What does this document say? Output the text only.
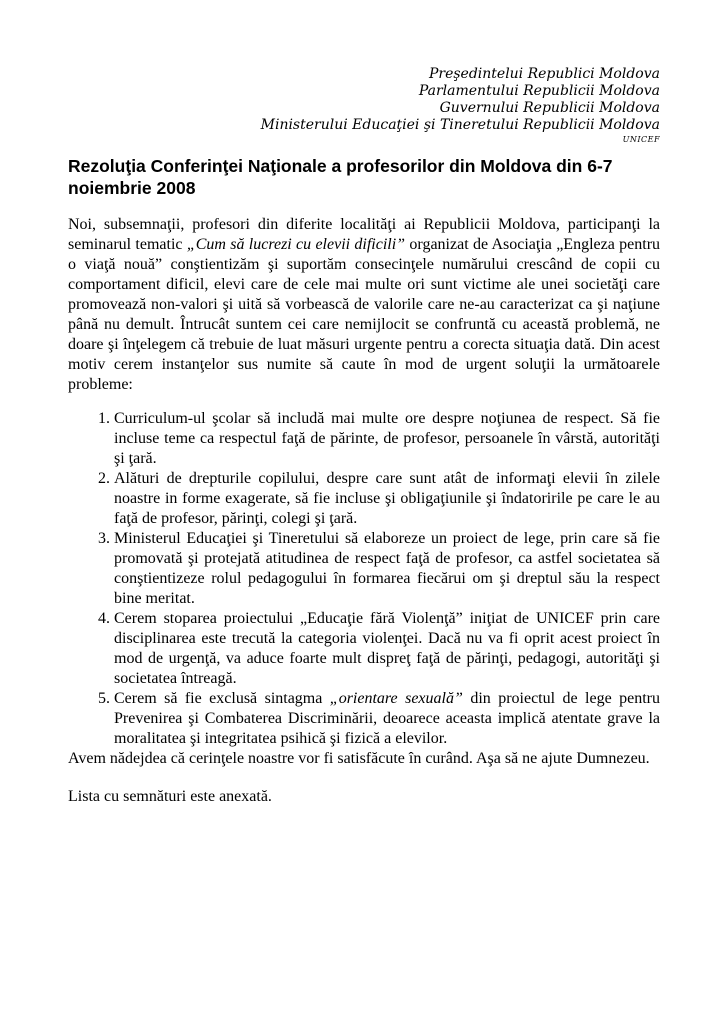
Preşedintelui Republici Moldova
Parlamentului Republicii Moldova
Guvernului Republicii Moldova
Ministerului Educaţiei şi Tineretului Republicii Moldova
UNICEF
Rezoluţia Conferinţei Naţionale a profesorilor din Moldova din 6-7 noiembrie 2008

Noi, subsemnaţii, profesori din diferite localităţi ai Republicii Moldova, participanţi la seminarul tematic „Cum să lucrezi cu elevii dificili” organizat de Asociaţia „Engleza pentru o viaţă nouă” conştientizăm şi suportăm consecinţele numărului crescând de copii cu comportament dificil, elevi care de cele mai multe ori sunt victime ale unei societăţi care promovează non-valori şi uită să vorbească de valorile care ne-au caracterizat ca şi naţiune până nu demult. Întrucât suntem cei care nemijlocit se confruntă cu această problemă, ne doare şi înţelegem că trebuie de luat măsuri urgente pentru a corecta situaţia dată. Din acest motiv cerem instanţelor sus numite să caute în mod de urgent soluţii la următoarele probleme:

1. Curriculum-ul şcolar să includă mai multe ore despre noţiunea de respect. Să fie incluse teme ca respectul faţă de părinte, de profesor, persoanele în vârstă, autorităţi şi ţară.
2. Alături de drepturile copilului, despre care sunt atât de informaţi elevii în zilele noastre in forme exagerate, să fie incluse şi obligaţiunile şi îndatoririle pe care le au faţă de profesor, părinţi, colegi şi ţară.
3. Ministerul Educaţiei şi Tineretului să elaboreze un proiect de lege, prin care să fie promovată şi protejată atitudinea de respect faţă de profesor, ca astfel societatea să conştientizeze rolul pedagogului în formarea fiecărui om şi dreptul său la respect bine meritat.
4. Cerem stoparea proiectului „Educaţie fără Violenţă” iniţiat de UNICEF prin care disciplinarea este trecută la categoria violenţei. Dacă nu va fi oprit acest proiect în mod de urgenţă, va aduce foarte mult dispreţ faţă de părinţi, pedagogi, autorităţi şi societatea întreagă.
5. Cerem să fie exclusă sintagma „orientare sexuală” din proiectul de lege pentru Prevenirea şi Combaterea Discriminării, deoarece aceasta implică atentate grave la moralitatea şi integritatea psihică şi fizică a elevilor.

Avem nădejdea că cerinţele noastre vor fi satisfăcute în curând. Aşa să ne ajute Dumnezeu.

Lista cu semnături este anexată.
